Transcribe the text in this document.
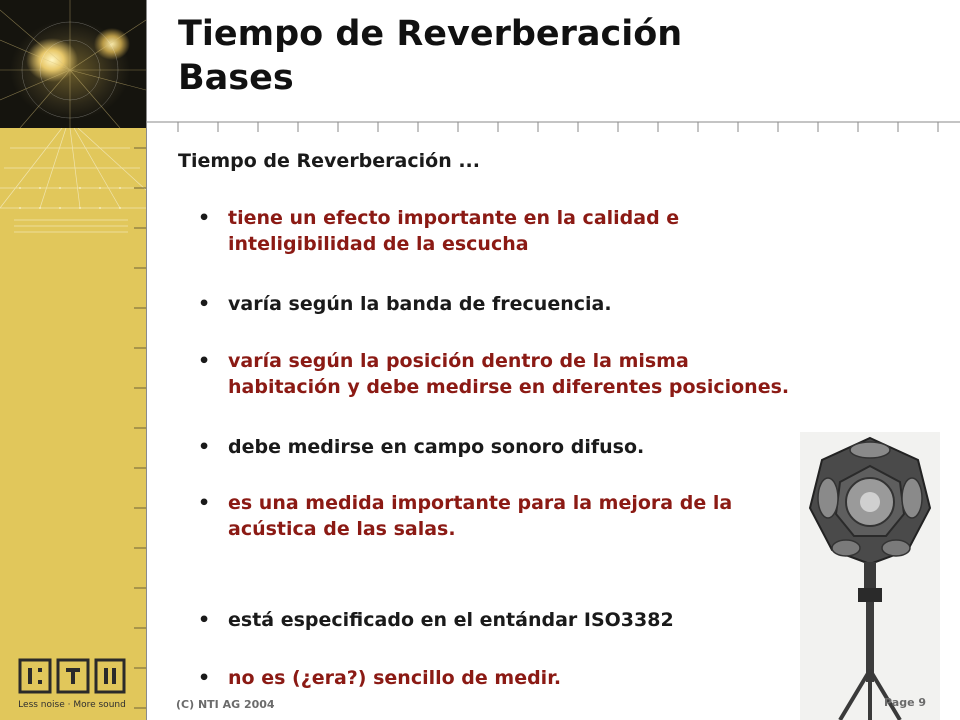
Less noise · More sound
Tiempo de Reverberación
Bases
Tiempo de Reverberación ...
• tiene un efecto importante en la calidad e
inteligibilidad de la escucha
• varía según la banda de frecuencia.
• varía según la posición dentro de la misma
habitación y debe medirse en diferentes posiciones.
• debe medirse en campo sonoro difuso.
• es una medida importante para la mejora de la
acústica de las salas.
• está especificado en el entándar ISO3382
• no es (¿era?) sencillo de medir.
(C) NTI AG 2004	Page 9
